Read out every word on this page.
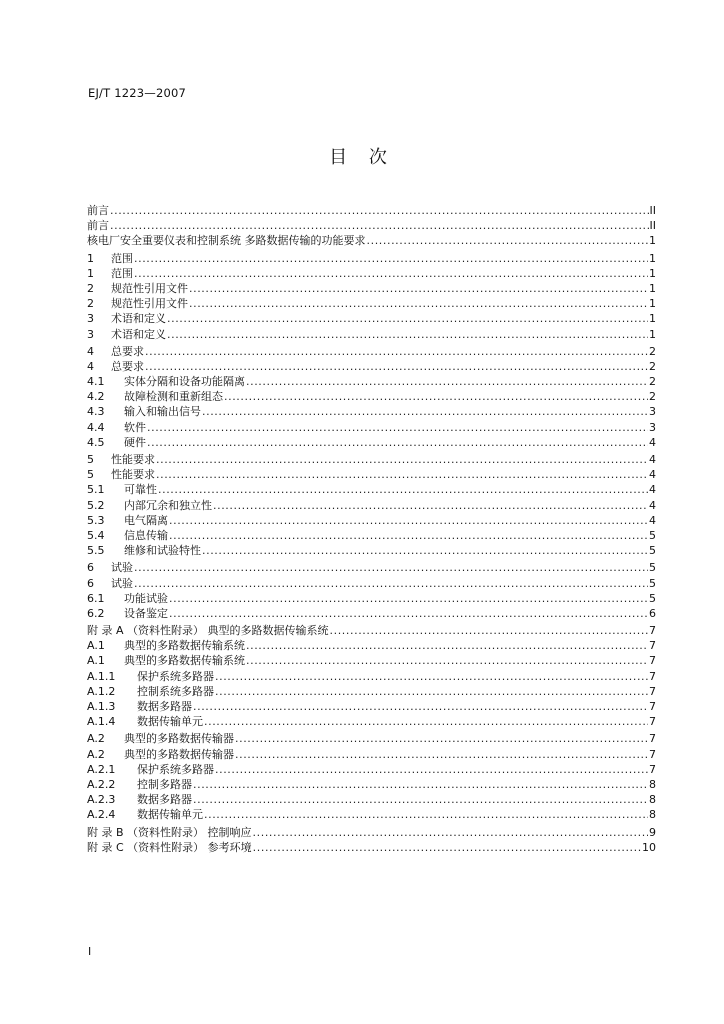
EJ/T 1223—2007
目 次
前言 .....	II
前言 .....	II
核电厂安全重要仪表和控制系统 多路数据传输的功能要求 .....	1
1	范围 .....	1
1	范围 .....	1
2	规范性引用文件 .....	1
2	规范性引用文件 .....	1
3	术语和定义 .....	1
3	术语和定义 .....	1
4	总要求 .....	2
4	总要求 .....	2
4.1	实体分隔和设备功能隔离 .....	2
4.2	故障检测和重新组态 .....	2
4.3	输入和输出信号 .....	3
4.4	软件 .....	3
4.5	硬件 .....	4
5	性能要求 .....	4
5	性能要求 .....	4
5.1	可靠性 .....	4
5.2	内部冗余和独立性 .....	4
5.3	电气隔离 .....	4
5.4	信息传输 .....	5
5.5	维修和试验特性 .....	5
6	试验 .....	5
6	试验 .....	5
6.1	功能试验 .....	5
6.2	设备鉴定 .....	6
附 录 A （资料性附录） 典型的多路数据传输系统 .....	7
A.1	典型的多路数据传输系统 .....	7
A.1	典型的多路数据传输系统 .....	7
A.1.1	保护系统多路器 .....	7
A.1.2	控制系统多路器 .....	7
A.1.3	数据多路器 .....	7
A.1.4	数据传输单元 .....	7
A.2	典型的多路数据传输器 .....	7
A.2	典型的多路数据传输器 .....	7
A.2.1	保护系统多路器 .....	7
A.2.2	控制多路器 .....	8
A.2.3	数据多路器 .....	8
A.2.4	数据传输单元 .....	8
附 录 B （资料性附录） 控制响应 .....	9
附 录 C （资料性附录） 参考环境 .....	10
I
